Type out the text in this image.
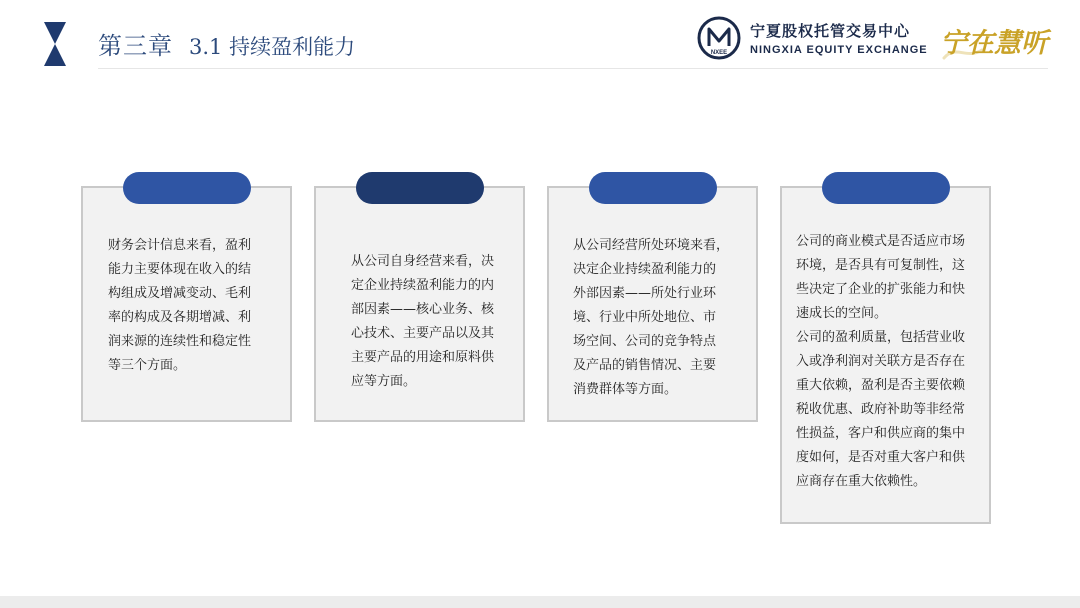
第三章 3.1 持续盈利能力	NXEE
宁夏股权托管交易中心
NINGXIA EQUITY EXCHANGE 宁在慧听

财务会计信息来看，盈利

能力主要体现在收入的结

构组成及增减变动、毛利

率的构成及各期增减、利

润来源的连续性和稳定性

等三个方面。

从公司自身经营来看，决

定企业持续盈利能力的内

部因素——核心业务、核

心技术、主要产品以及其

主要产品的用途和原料供

应等方面。

从公司经营所处环境来看，

决定企业持续盈利能力的

外部因素——所处行业环

境、行业中所处地位、市

场空间、公司的竞争特点

及产品的销售情况、主要

消费群体等方面。

公司的商业模式是否适应市场

环境，是否具有可复制性，这

些决定了企业的扩张能力和快

速成长的空间。

公司的盈利质量，包括营业收

入或净利润对关联方是否存在

重大依赖，盈利是否主要依赖

税收优惠、政府补助等非经常

性损益，客户和供应商的集中

度如何，是否对重大客户和供

应商存在重大依赖性。
